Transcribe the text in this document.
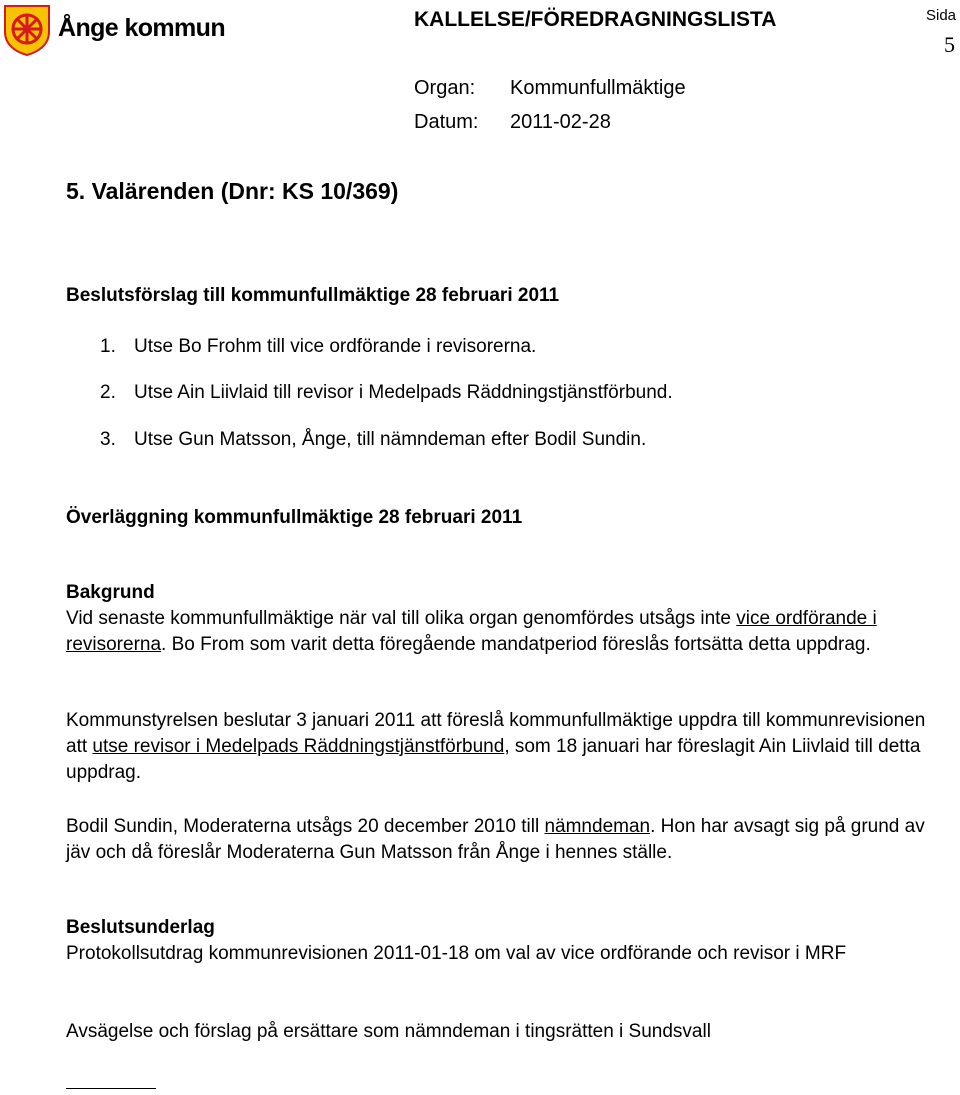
Ånge kommun	KALLELSE/FÖREDRAGNINGSLISTA	Sida
5
Organ: Kommunfullmäktige
Datum: 2011-02-28
5. Valärenden (Dnr: KS 10/369)
Beslutsförslag till kommunfullmäktige 28 februari 2011
1. Utse Bo Frohm till vice ordförande i revisorerna.
2. Utse Ain Liivlaid till revisor i Medelpads Räddningstjänstförbund.
3. Utse Gun Matsson, Ånge, till nämndeman efter Bodil Sundin.
Överläggning kommunfullmäktige 28 februari 2011
Bakgrund

Vid senaste kommunfullmäktige när val till olika organ genomfördes utsågs inte vice ordförande i revisorerna. Bo From som varit detta föregående mandatperiod föreslås fortsätta detta uppdrag.

Kommunstyrelsen beslutar 3 januari 2011 att föreslå kommunfullmäktige uppdra till kommunrevisionen att utse revisor i Medelpads Räddningstjänstförbund, som 18 januari har föreslagit Ain Liivlaid till detta uppdrag.

Bodil Sundin, Moderaterna utsågs 20 december 2010 till nämndeman. Hon har avsagt sig på grund av jäv och då föreslår Moderaterna Gun Matsson från Ånge i hennes ställe.

Beslutsunderlag

Protokollsutdrag kommunrevisionen 2011-01-18 om val av vice ordförande och revisor i MRF

Avsägelse och förslag på ersättare som nämndeman i tingsrätten i Sundsvall
